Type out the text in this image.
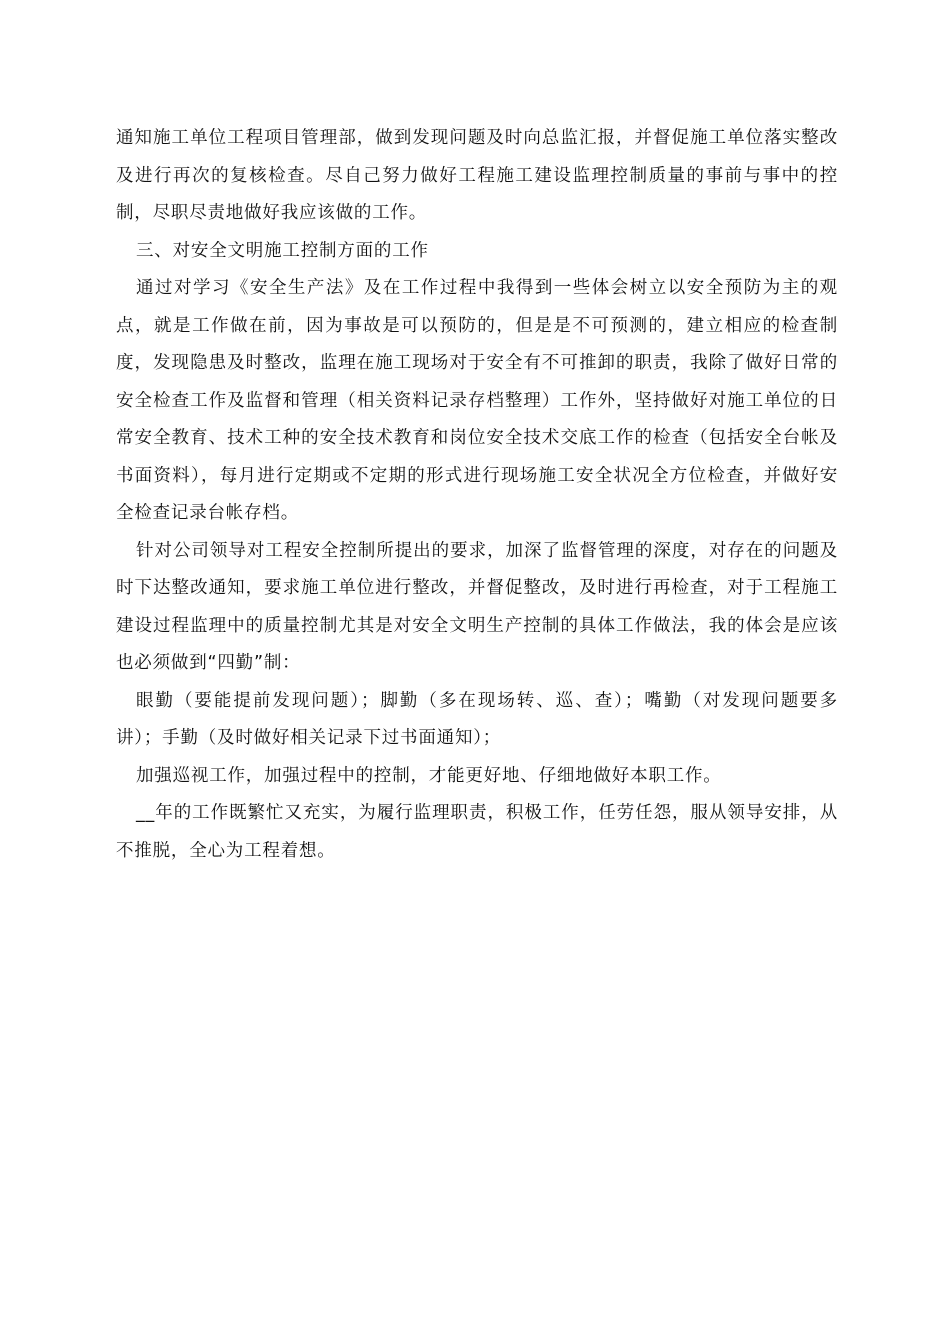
通知施工单位工程项目管理部，做到发现问题及时向总监汇报，并督促施工单位落实整改及进行再次的复核检查。尽自己努力做好工程施工建设监理控制质量的事前与事中的控制，尽职尽责地做好我应该做的工作。

三、对安全文明施工控制方面的工作

通过对学习《安全生产法》及在工作过程中我得到一些体会树立以安全预防为主的观点，就是工作做在前，因为事故是可以预防的，但是是不可预测的，建立相应的检查制度，发现隐患及时整改，监理在施工现场对于安全有不可推卸的职责，我除了做好日常的安全检查工作及监督和管理（相关资料记录存档整理）工作外，坚持做好对施工单位的日常安全教育、技术工种的安全技术教育和岗位安全技术交底工作的检查（包括安全台帐及书面资料），每月进行定期或不定期的形式进行现场施工安全状况全方位检查，并做好安全检查记录台帐存档。

针对公司领导对工程安全控制所提出的要求，加深了监督管理的深度，对存在的问题及时下达整改通知，要求施工单位进行整改，并督促整改，及时进行再检查，对于工程施工建设过程监理中的质量控制尤其是对安全文明生产控制的具体工作做法，我的体会是应该也必须做到“四勤”制：

眼勤（要能提前发现问题）；脚勤（多在现场转、巡、查）；嘴勤（对发现问题要多讲）；手勤（及时做好相关记录下过书面通知）；

加强巡视工作，加强过程中的控制，才能更好地、仔细地做好本职工作。

__年的工作既繁忙又充实，为履行监理职责，积极工作，任劳任怨，服从领导安排，从不推脱，全心为工程着想。
